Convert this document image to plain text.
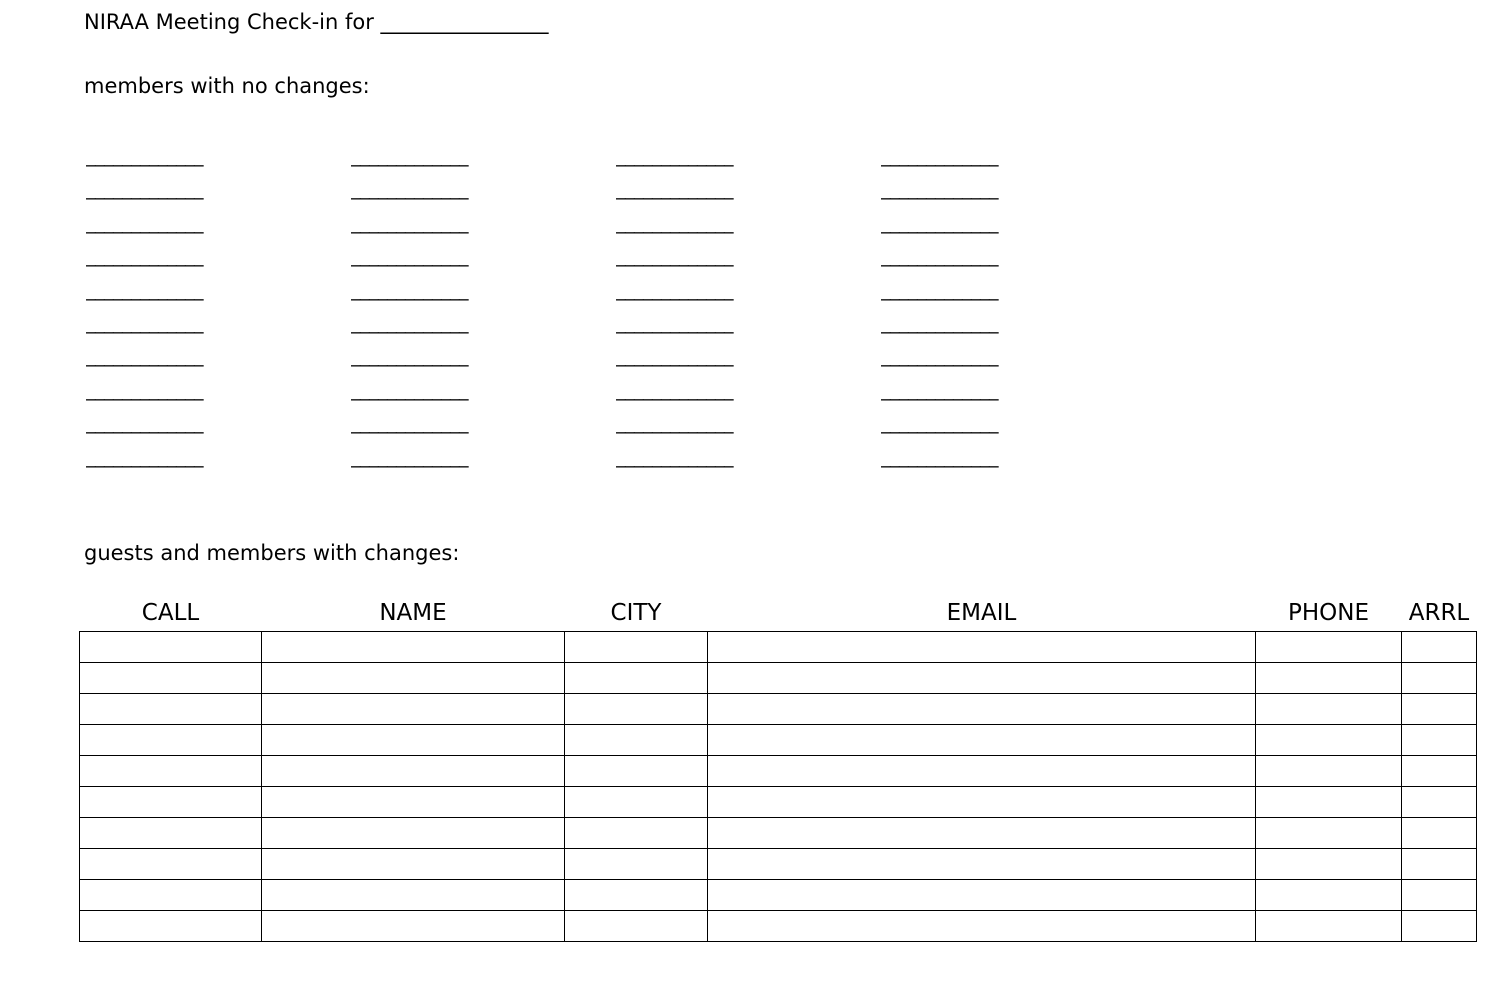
NIRAA Meeting Check-in for ________________
members with no changes:
_____________	_____________	_____________	_____________
_____________	_____________	_____________	_____________
_____________	_____________	_____________	_____________
_____________	_____________	_____________	_____________
_____________	_____________	_____________	_____________
_____________	_____________	_____________	_____________
_____________	_____________	_____________	_____________
_____________	_____________	_____________	_____________
_____________	_____________	_____________	_____________
_____________	_____________	_____________	_____________
guests and members with changes:
CALL	NAME	CITY	EMAIL	PHONE	ARRL
